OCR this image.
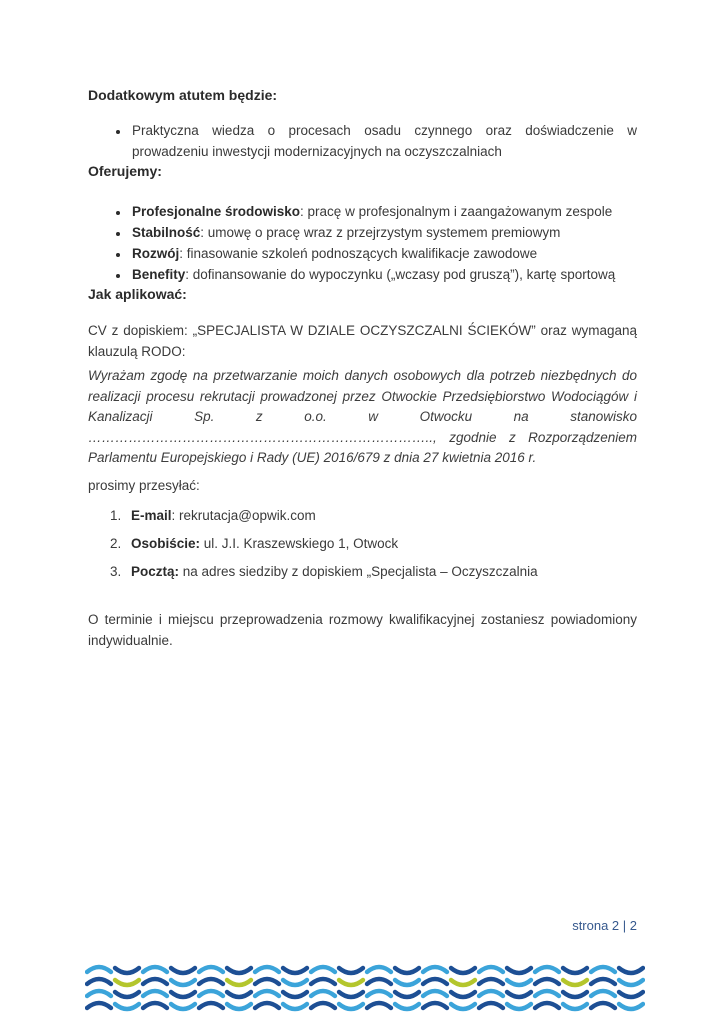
Dodatkowym atutem będzie:
• Praktyczna wiedza o procesach osadu czynnego oraz doświadczenie w prowadzeniu inwestycji modernizacyjnych na oczyszczalniach
Oferujemy:
• Profesjonalne środowisko: pracę w profesjonalnym i zaangażowanym zespole
• Stabilność: umowę o pracę wraz z przejrzystym systemem premiowym
• Rozwój: finasowanie szkoleń podnoszących kwalifikacje zawodowe
• Benefity: dofinansowanie do wypoczynku („wczasy pod gruszą”), kartę sportową
Jak aplikować:

CV z dopiskiem: „SPECJALISTA W DZIALE OCZYSZCZALNI ŚCIEKÓW” oraz wymaganą klauzulą RODO:

Wyrażam zgodę na przetwarzanie moich danych osobowych dla potrzeb niezbędnych do realizacji procesu rekrutacji prowadzonej przez Otwockie Przedsiębiorstwo Wodociągów i Kanalizacji Sp. z o.o. w Otwocku na stanowisko ………………………………………………………………….., zgodnie z Rozporządzeniem Parlamentu Europejskiego i Rady (UE) 2016/679 z dnia 27 kwietnia 2016 r.

prosimy przesyłać:

1. E-mail: rekrutacja@opwik.com
2. Osobiście: ul. J.I. Kraszewskiego 1, Otwock
3. Pocztą: na adres siedziby z dopiskiem „Specjalista – Oczyszczalnia

O terminie i miejscu przeprowadzenia rozmowy kwalifikacyjnej zostaniesz powiadomiony indywidualnie.

strona 2 | 2
